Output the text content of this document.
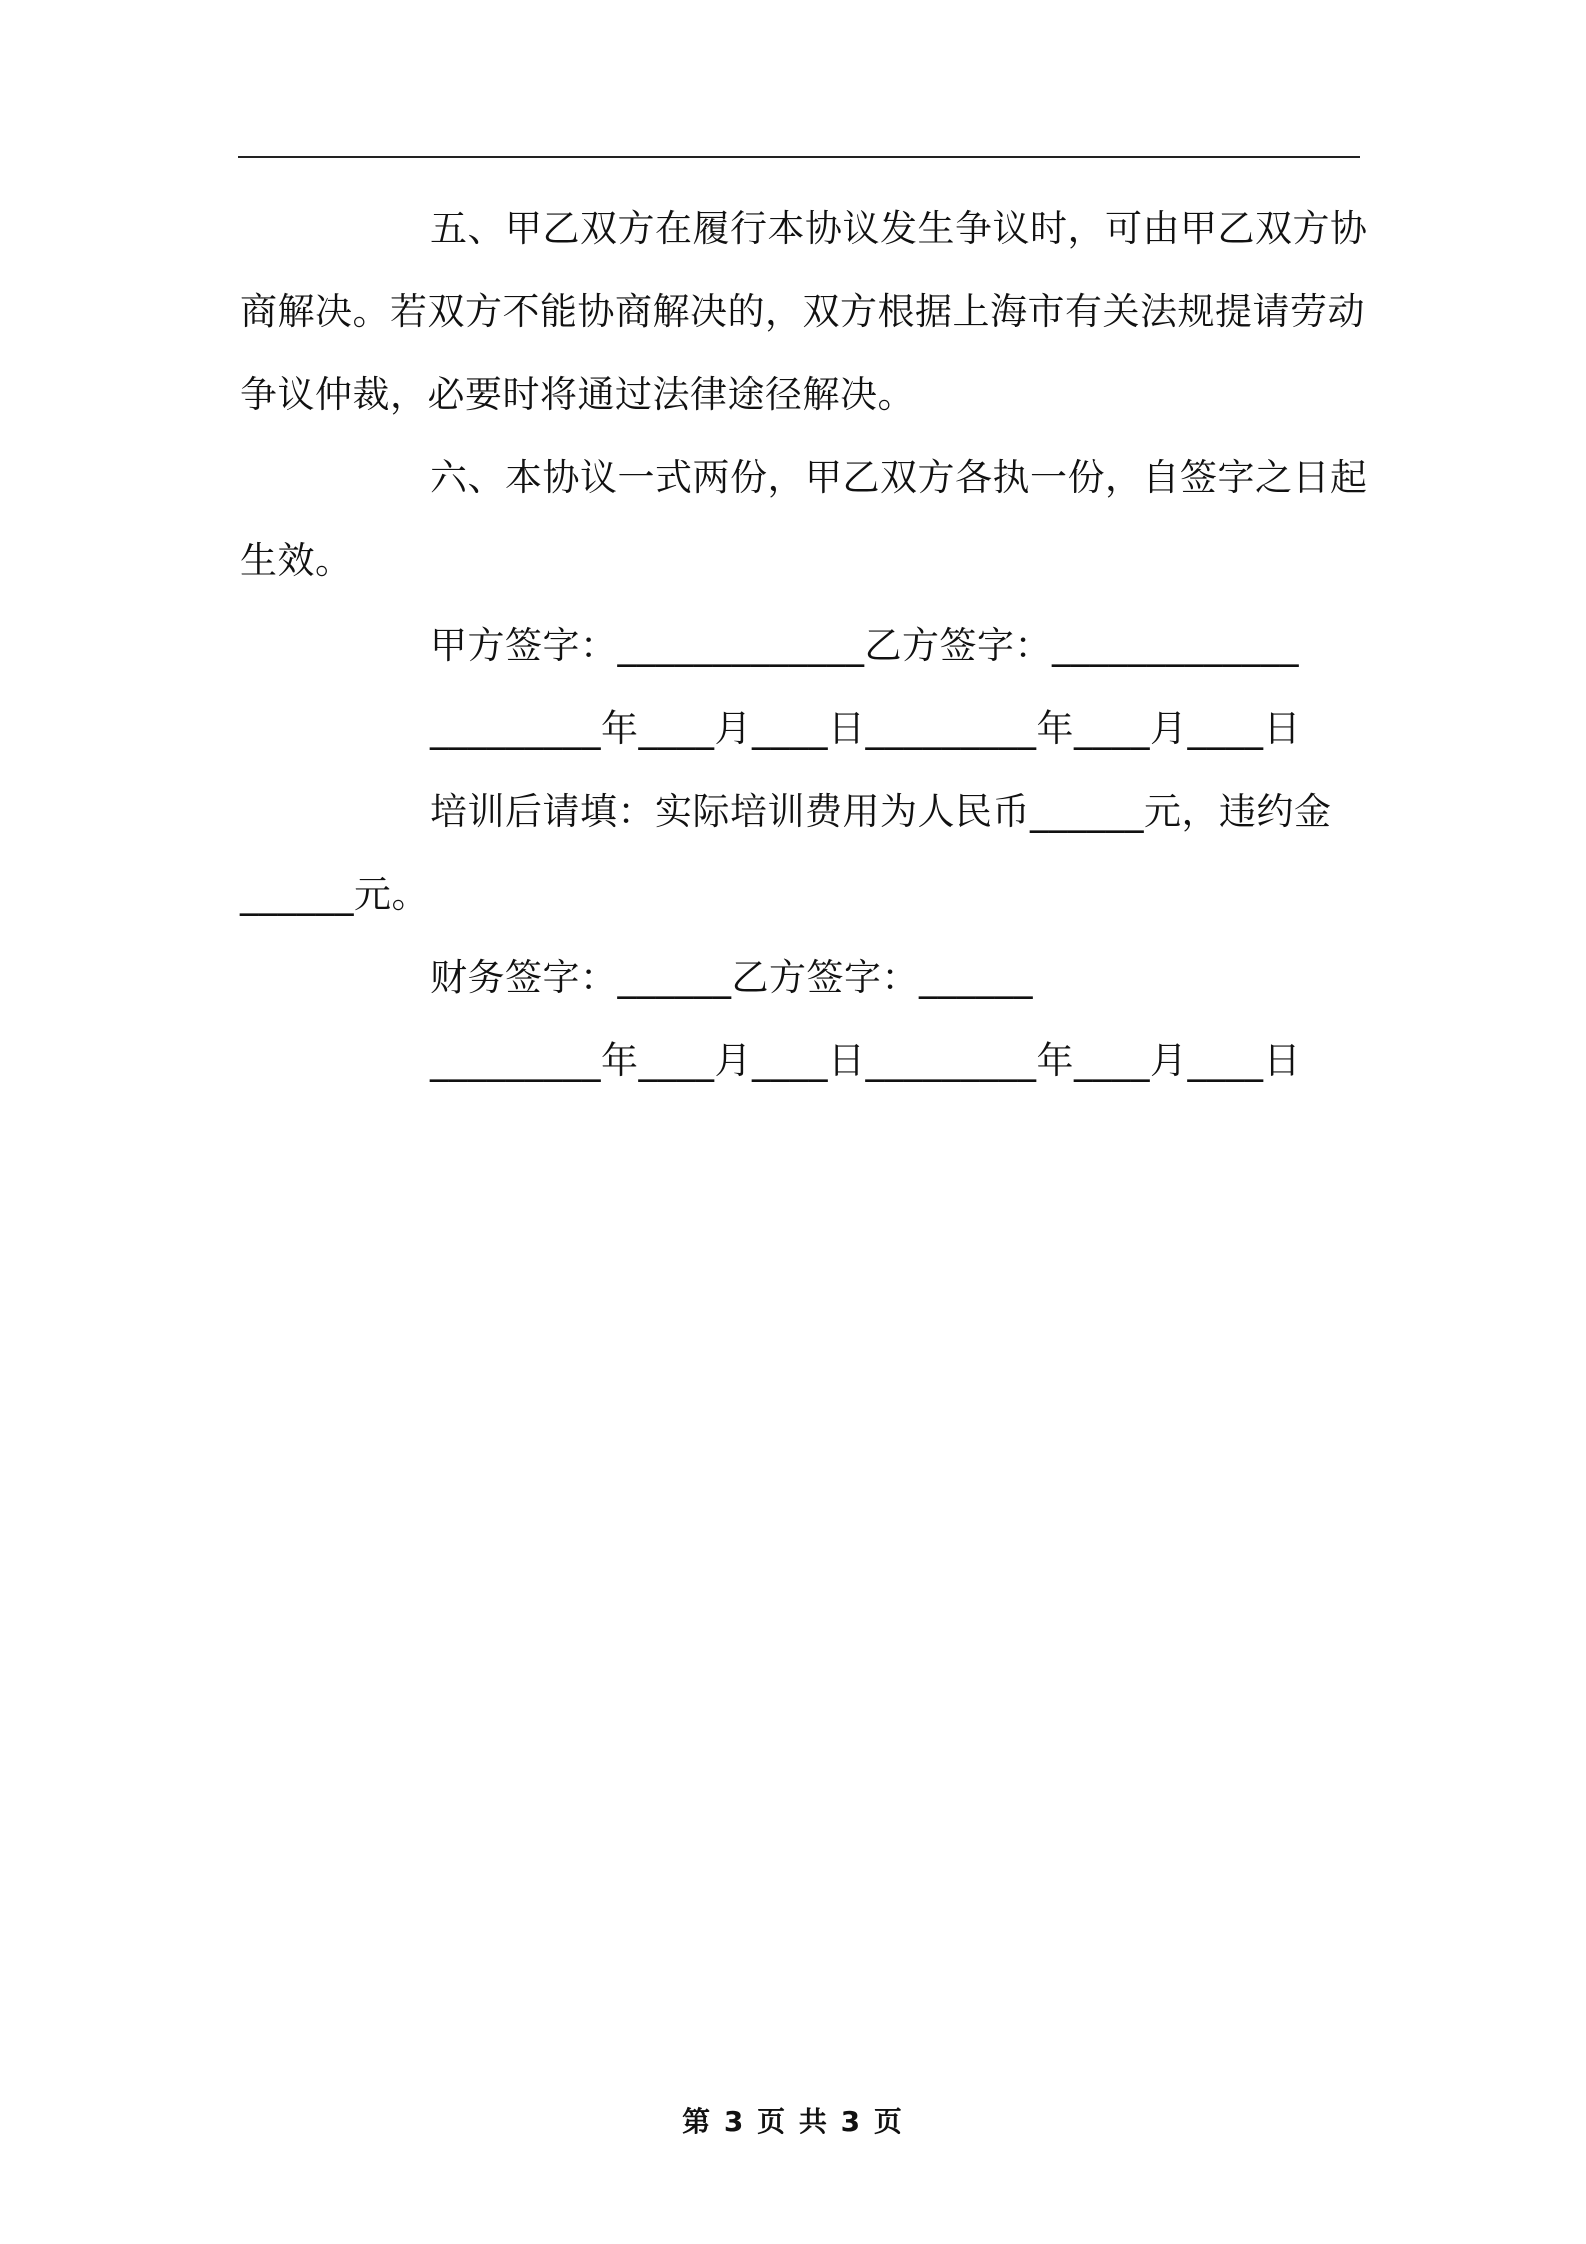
五、甲乙双方在履行本协议发生争议时，可由甲乙双方协
商解决。若双方不能协商解决的，双方根据上海市有关法规提请劳动
争议仲裁，必要时将通过法律途径解决。
六、本协议一式两份，甲乙双方各执一份，自签字之日起
生效。
甲方签字：_____________乙方签字：_____________
_________年____月____日_________年____月____日
培训后请填：实际培训费用为人民币______元，违约金
______元。
财务签字：______乙方签字：______
_________年____月____日_________年____月____日
第 3 页 共 3 页
